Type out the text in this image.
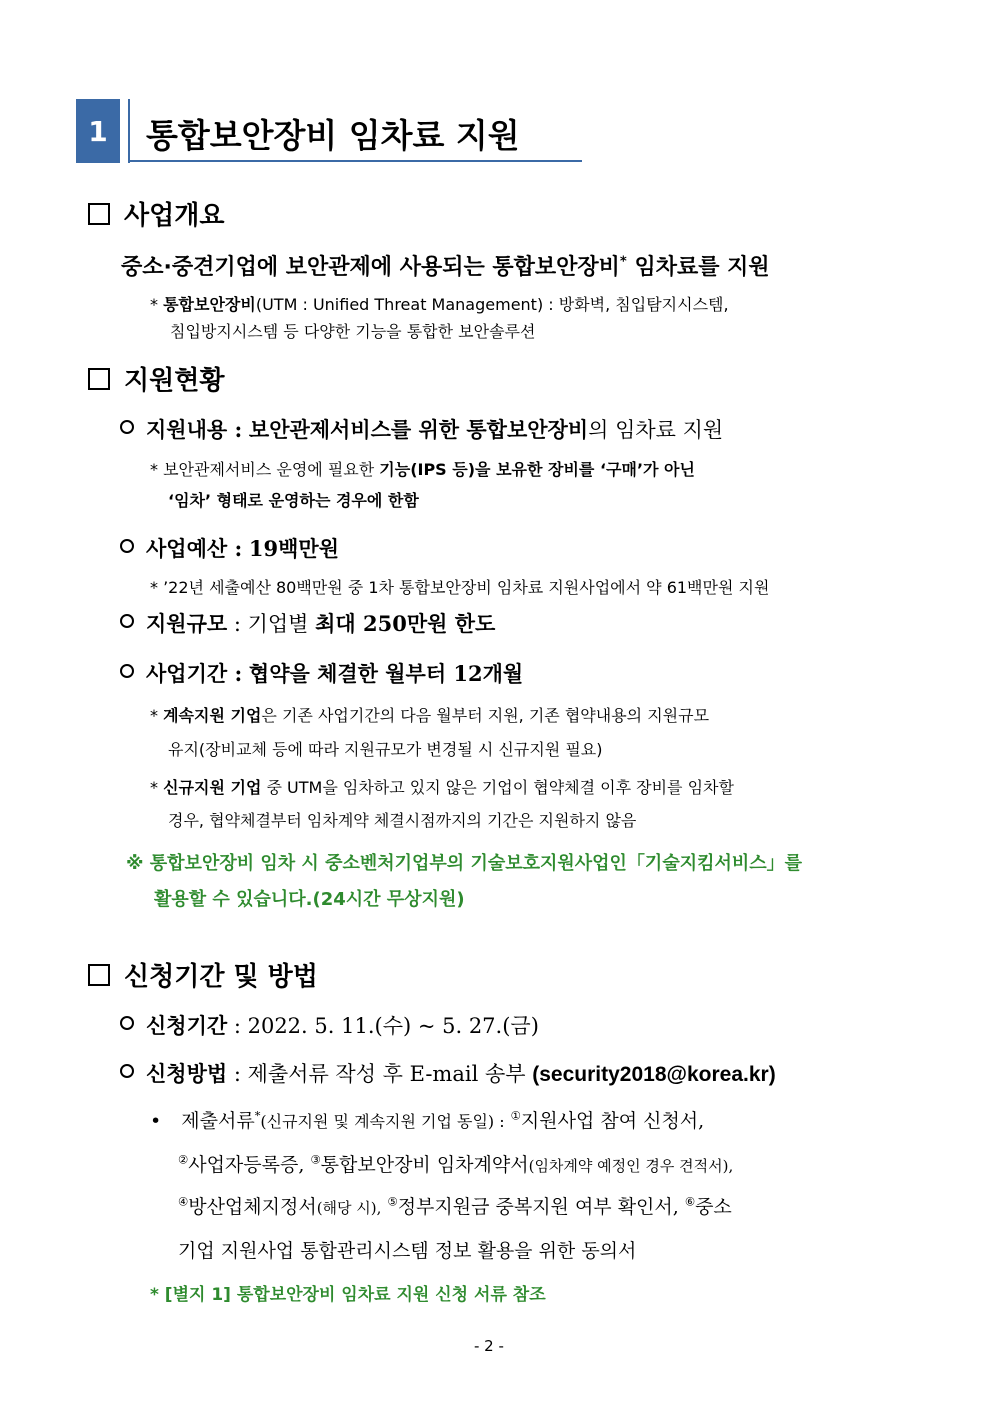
1 통합보안장비 임차료 지원
사업개요
중소·중견기업에 보안관제에 사용되는 통합보안장비* 임차료를 지원
* 통합보안장비(UTM : Unified Threat Management) : 방화벽, 침입탐지시스템,
침입방지시스템 등 다양한 기능을 통합한 보안솔루션
지원현황
지원내용 : 보안관제서비스를 위한 통합보안장비의 임차료 지원
* 보안관제서비스 운영에 필요한 기능(IPS 등)을 보유한 장비를 ‘구매’가 아닌
‘임차’ 형태로 운영하는 경우에 한함
사업예산 : 19백만원
* ’22년 세출예산 80백만원 중 1차 통합보안장비 임차료 지원사업에서 약 61백만원 지원
지원규모 : 기업별 최대 250만원 한도
사업기간 : 협약을 체결한 월부터 12개월
* 계속지원 기업은 기존 사업기간의 다음 월부터 지원, 기존 협약내용의 지원규모
유지(장비교체 등에 따라 지원규모가 변경될 시 신규지원 필요)
* 신규지원 기업 중 UTM을 임차하고 있지 않은 기업이 협약체결 이후 장비를 임차할
경우, 협약체결부터 임차계약 체결시점까지의 기간은 지원하지 않음
※ 통합보안장비 임차 시 중소벤처기업부의 기술보호지원사업인「기술지킴서비스」를
활용할 수 있습니다.(24시간 무상지원)
신청기간 및 방법
신청기간 : 2022. 5. 11.(수) ~ 5. 27.(금)
신청방법 : 제출서류 작성 후 E-mail 송부 (security2018@korea.kr)
• 제출서류*(신규지원 및 계속지원 기업 동일) : ①지원사업 참여 신청서,
②사업자등록증, ③통합보안장비 임차계약서(임차계약 예정인 경우 견적서),
④방산업체지정서(해당 시), ⑤정부지원금 중복지원 여부 확인서, ⑥중소
기업 지원사업 통합관리시스템 정보 활용을 위한 동의서
* [별지 1] 통합보안장비 임차료 지원 신청 서류 참조
- 2 -
